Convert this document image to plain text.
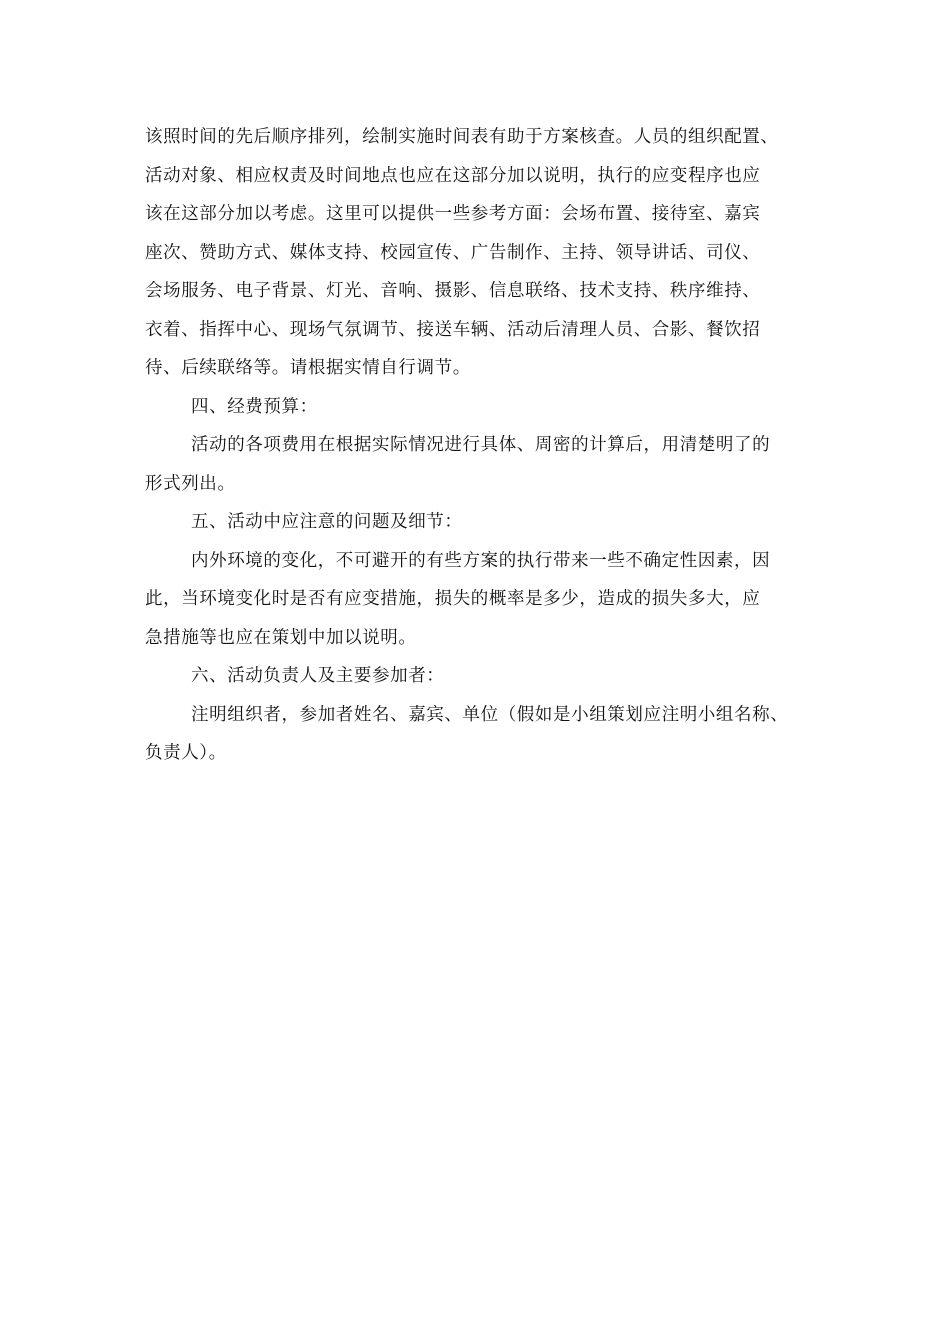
该照时间的先后顺序排列，绘制实施时间表有助于方案核查。人员的组织配置、
活动对象、相应权责及时间地点也应在这部分加以说明，执行的应变程序也应
该在这部分加以考虑。这里可以提供一些参考方面：会场布置、接待室、嘉宾
座次、赞助方式、媒体支持、校园宣传、广告制作、主持、领导讲话、司仪、
会场服务、电子背景、灯光、音响、摄影、信息联络、技术支持、秩序维持、
衣着、指挥中心、现场气氛调节、接送车辆、活动后清理人员、合影、餐饮招
待、后续联络等。请根据实情自行调节。
四、经费预算：
活动的各项费用在根据实际情况进行具体、周密的计算后，用清楚明了的
形式列出。
五、活动中应注意的问题及细节：
内外环境的变化，不可避开的有些方案的执行带来一些不确定性因素，因
此，当环境变化时是否有应变措施，损失的概率是多少，造成的损失多大，应
急措施等也应在策划中加以说明。
六、活动负责人及主要参加者：
注明组织者，参加者姓名、嘉宾、单位（假如是小组策划应注明小组名称、
负责人）。
